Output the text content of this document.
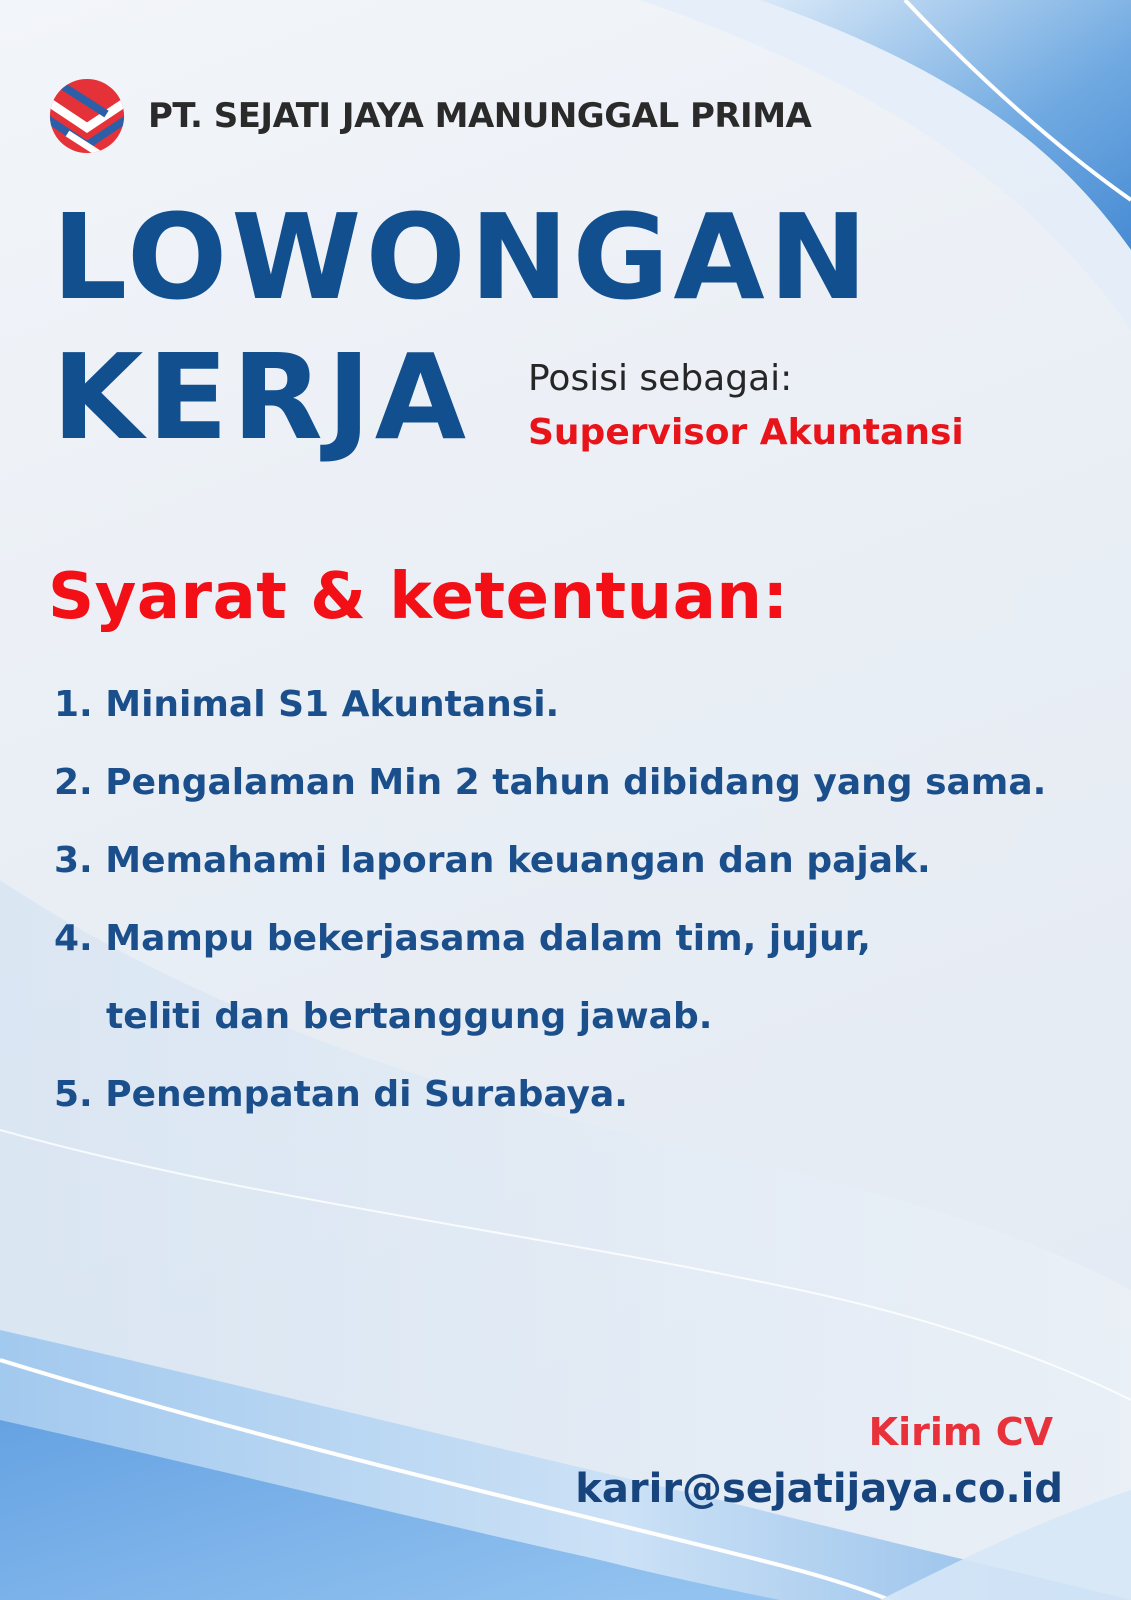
PT. SEJATI JAYA MANUNGGAL PRIMA
LOWONGAN
KERJA Posisi sebagai:
Supervisor Akuntansi
Syarat & ketentuan:
1. Minimal S1 Akuntansi.
2. Pengalaman Min 2 tahun dibidang yang sama.
3. Memahami laporan keuangan dan pajak.
4. Mampu bekerjasama dalam tim, jujur,
teliti dan bertanggung jawab.
5. Penempatan di Surabaya.
Kirim CV
karir@sejatijaya.co.id
